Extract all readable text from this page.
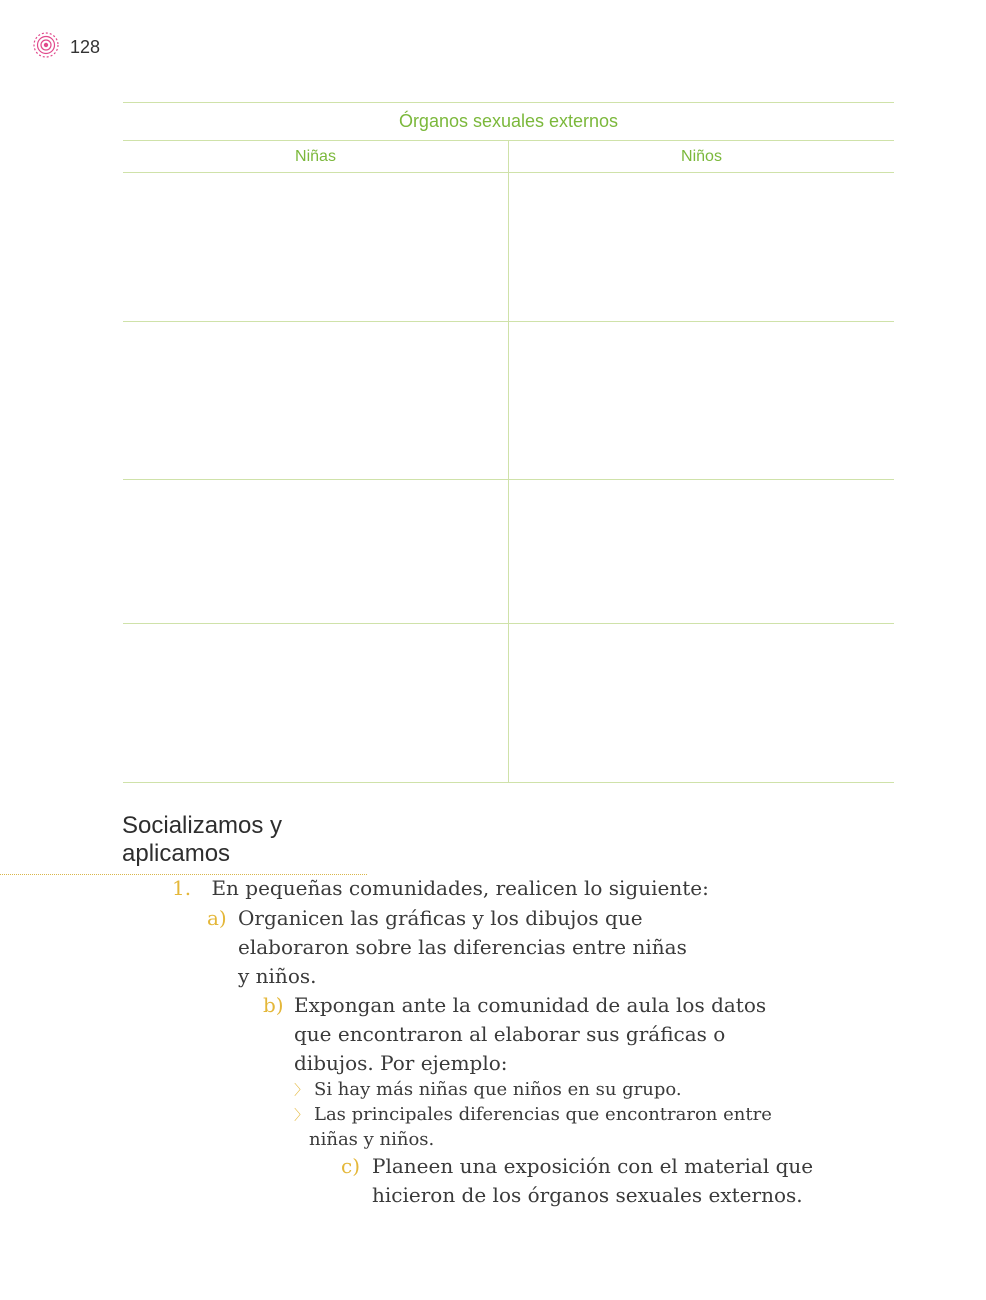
128
Órganos sexuales externos
Niñas	Niños
Socializamos y aplicamos
1. En pequeñas comunidades, realicen lo siguiente:
a) Organicen las gráficas y los dibujos que
elaboraron sobre las diferencias entre niñas
y niños.
b) Expongan ante la comunidad de aula los datos
que encontraron al elaborar sus gráficas o
dibujos. Por ejemplo:
〉 Si hay más niñas que niños en su grupo.
〉 Las principales diferencias que encontraron entre
niñas y niños.
c) Planeen una exposición con el material que
hicieron de los órganos sexuales externos.
